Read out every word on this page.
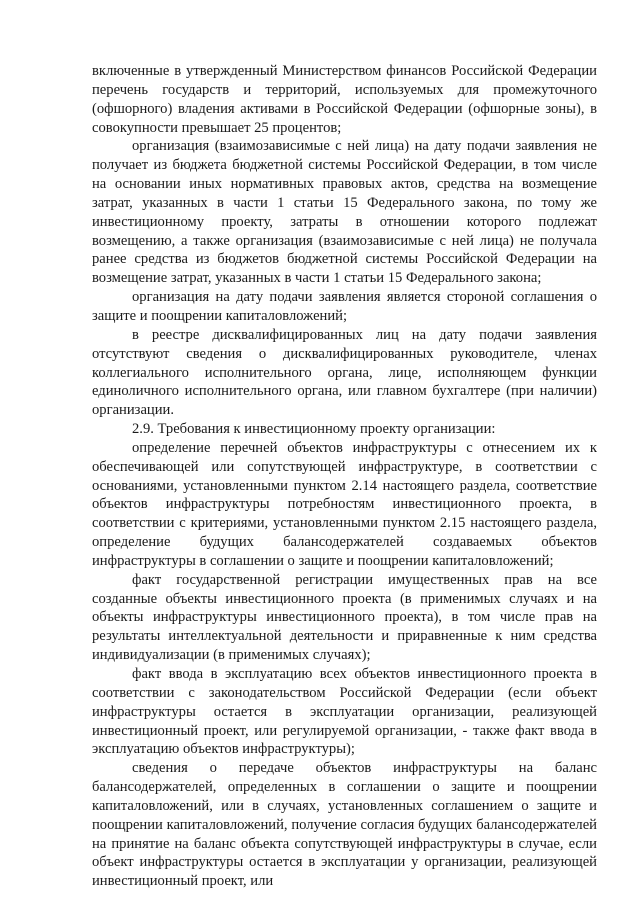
включенные в утвержденный Министерством финансов Российской Федерации перечень государств и территорий, используемых для промежуточного (офшорного) владения активами в Российской Федерации (офшорные зоны), в совокупности превышает 25 процентов;

организация (взаимозависимые с ней лица) на дату подачи заявления не получает из бюджета бюджетной системы Российской Федерации, в том числе на основании иных нормативных правовых актов, средства на возмещение затрат, указанных в части 1 статьи 15 Федерального закона, по тому же инвестиционному проекту, затраты в отношении которого подлежат возмещению, а также организация (взаимозависимые с ней лица) не получала ранее средства из бюджетов бюджетной системы Российской Федерации на возмещение затрат, указанных в части 1 статьи 15 Федерального закона;

организация на дату подачи заявления является стороной соглашения о защите и поощрении капиталовложений;

в реестре дисквалифицированных лиц на дату подачи заявления отсутствуют сведения о дисквалифицированных руководителе, членах коллегиального исполнительного органа, лице, исполняющем функции единоличного исполнительного органа, или главном бухгалтере (при наличии) организации.

2.9. Требования к инвестиционному проекту организации:

определение перечней объектов инфраструктуры с отнесением их к обеспечивающей или сопутствующей инфраструктуре, в соответствии с основаниями, установленными пунктом 2.14 настоящего раздела, соответствие объектов инфраструктуры потребностям инвестиционного проекта, в соответствии с критериями, установленными пунктом 2.15 настоящего раздела, определение будущих балансодержателей создаваемых объектов инфраструктуры в соглашении о защите и поощрении капиталовложений;

факт государственной регистрации имущественных прав на все созданные объекты инвестиционного проекта (в применимых случаях и на объекты инфраструктуры инвестиционного проекта), в том числе прав на результаты интеллектуальной деятельности и приравненные к ним средства индивидуализации (в применимых случаях);

факт ввода в эксплуатацию всех объектов инвестиционного проекта в соответствии с законодательством Российской Федерации (если объект инфраструктуры остается в эксплуатации организации, реализующей инвестиционный проект, или регулируемой организации, - также факт ввода в эксплуатацию объектов инфраструктуры);

сведения о передаче объектов инфраструктуры на баланс балансодержателей, определенных в соглашении о защите и поощрении капиталовложений, или в случаях, установленных соглашением о защите и поощрении капиталовложений, получение согласия будущих балансодержателей на принятие на баланс объекта сопутствующей инфраструктуры в случае, если объект инфраструктуры остается в эксплуатации у организации, реализующей инвестиционный проект, или
